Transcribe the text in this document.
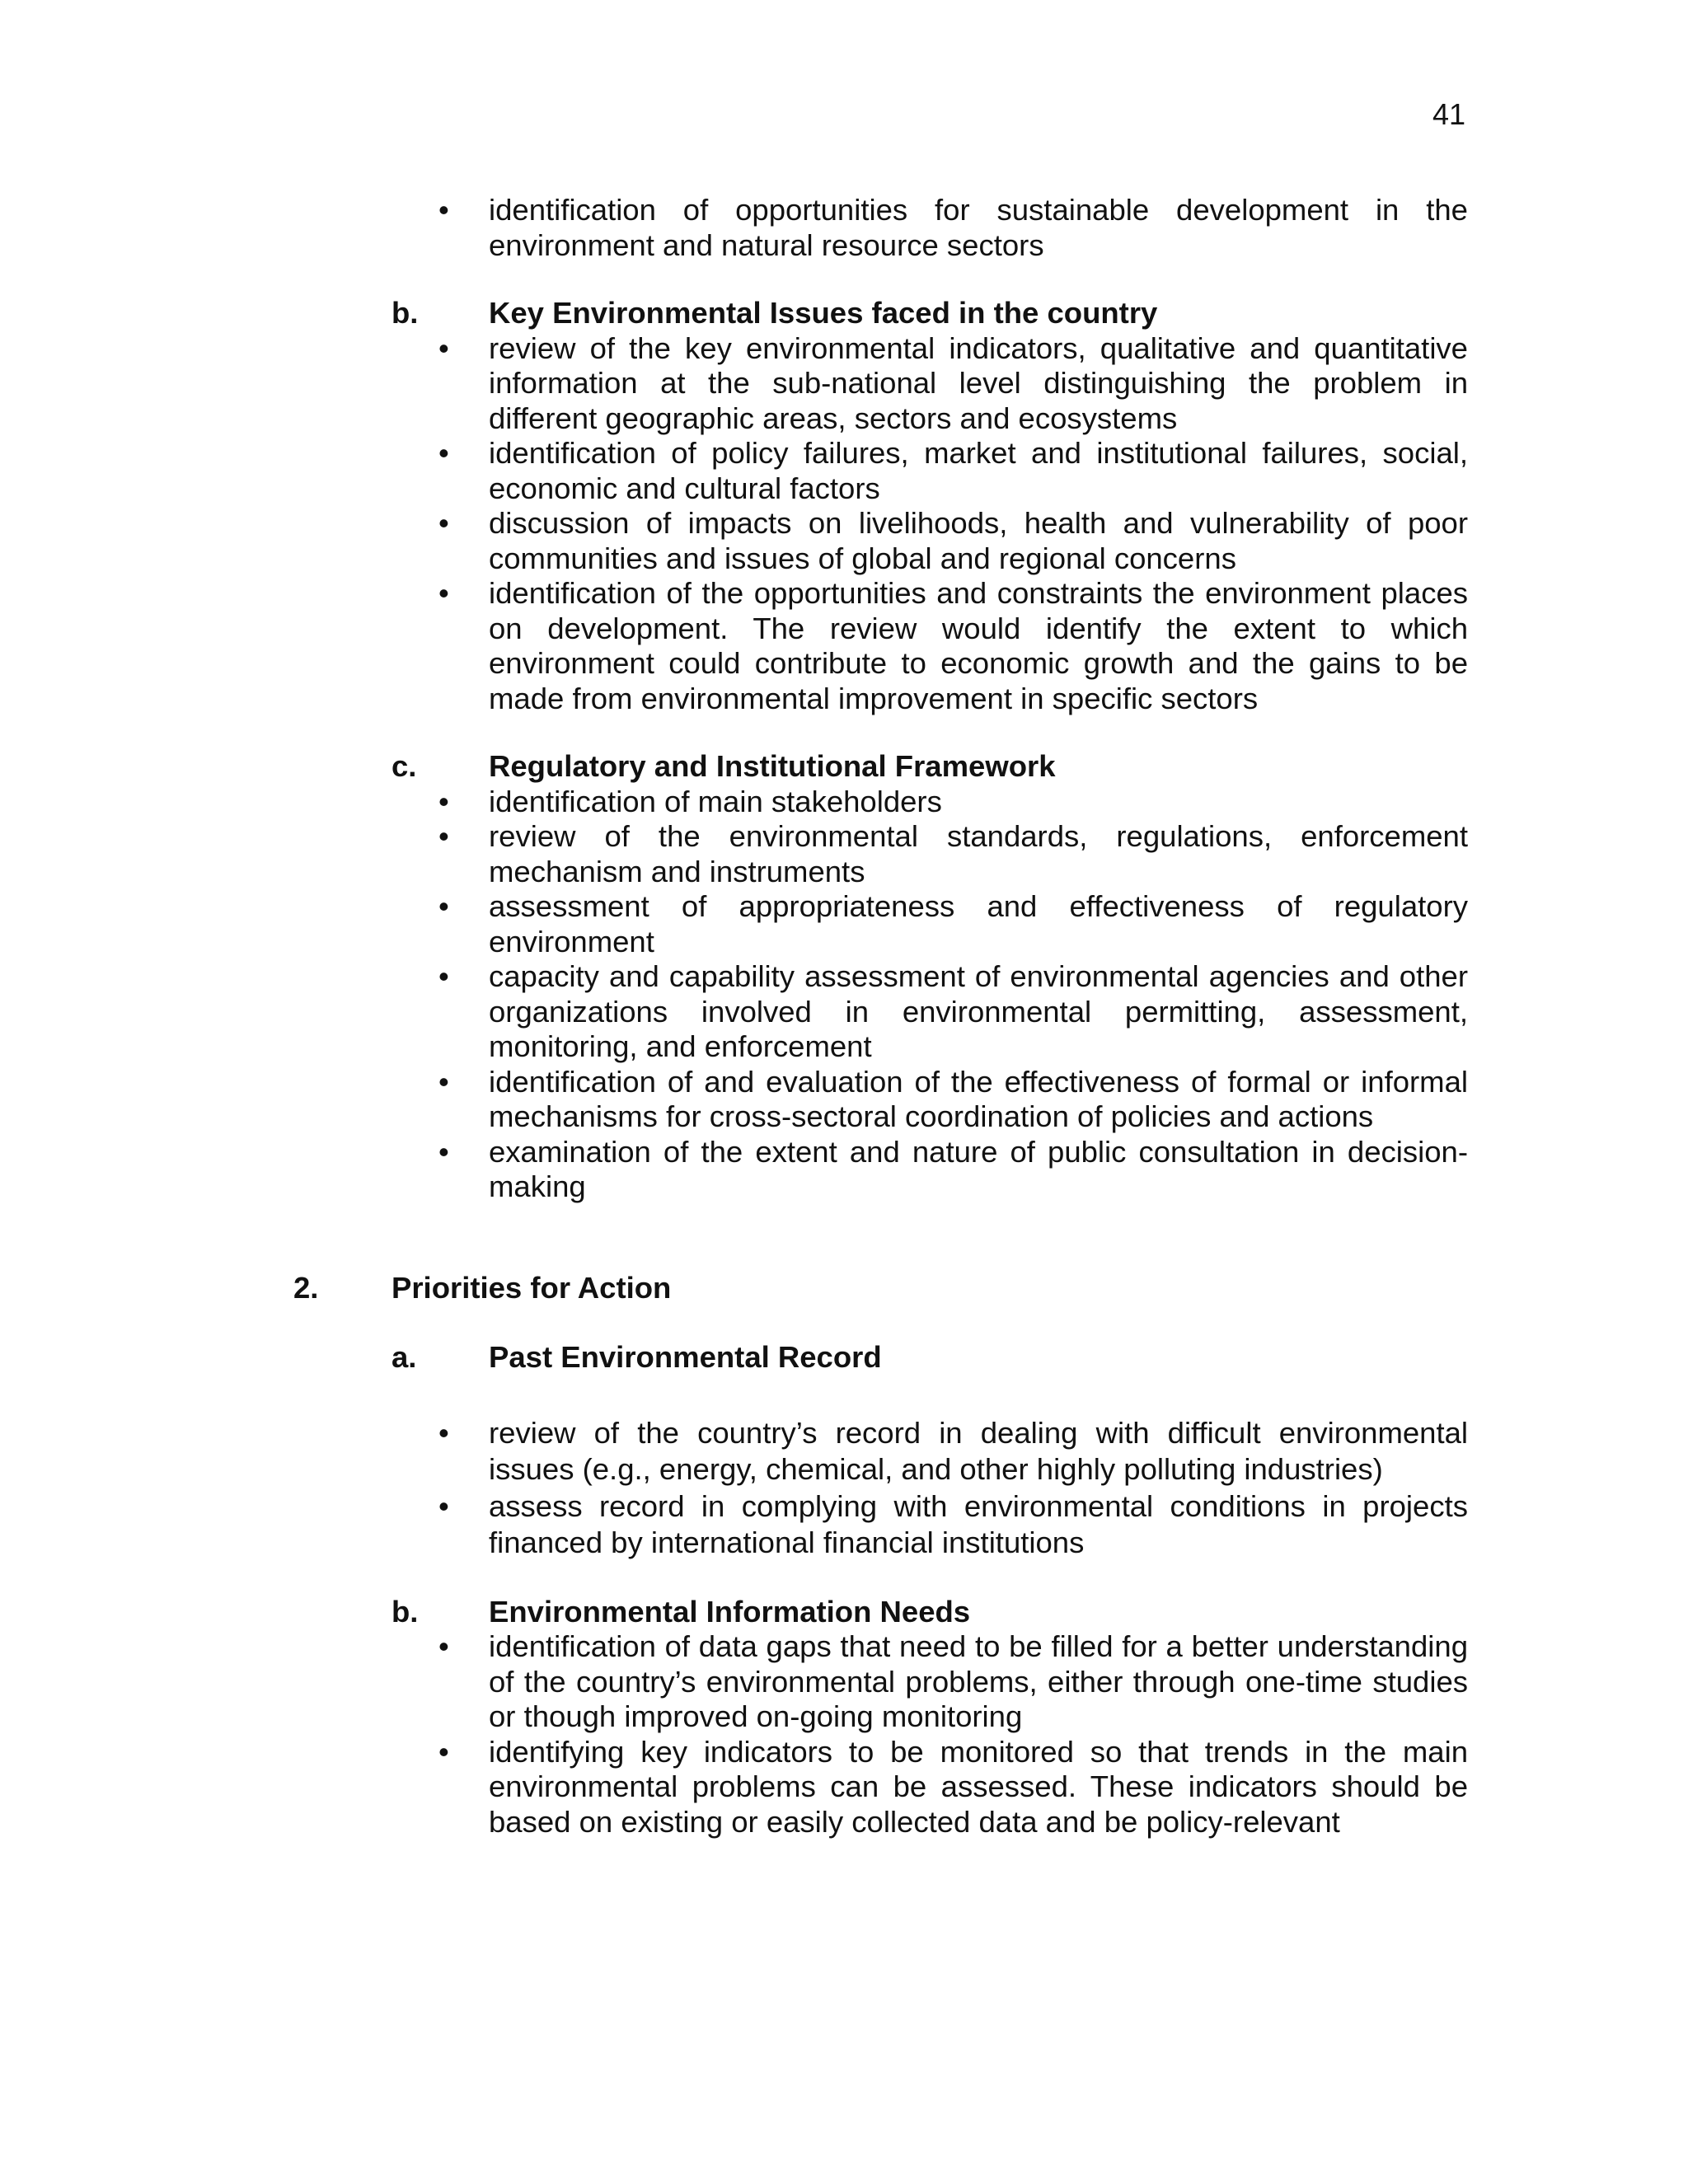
41
• identification of opportunities for sustainable development in the environment and natural resource sectors
b.	Key Environmental Issues faced in the country
• review of the key environmental indicators, qualitative and quantitative information at the sub-national level distinguishing the problem in different geographic areas, sectors and ecosystems
• identification of policy failures, market and institutional failures, social, economic and cultural factors
• discussion of impacts on livelihoods, health and vulnerability of poor communities and issues of global and regional concerns
• identification of the opportunities and constraints the environment places on development. The review would identify the extent to which environment could contribute to economic growth and the gains to be made from environmental improvement in specific sectors
c.	Regulatory and Institutional Framework
• identification of main stakeholders
• review of the environmental standards, regulations, enforcement mechanism and instruments
• assessment of appropriateness and effectiveness of regulatory environment
• capacity and capability assessment of environmental agencies and other organizations involved in environmental permitting, assessment, monitoring, and enforcement
• identification of and evaluation of the effectiveness of formal or informal mechanisms for cross-sectoral coordination of policies and actions
• examination of the extent and nature of public consultation in decision-making
2.	Priorities for Action
a.	Past Environmental Record
• review of the country’s record in dealing with difficult environmental issues (e.g., energy, chemical, and other highly polluting industries)
• assess record in complying with environmental conditions in projects financed by international financial institutions
b.	Environmental Information Needs
• identification of data gaps that need to be filled for a better understanding of the country’s environmental problems, either through one-time studies or though improved on-going monitoring
• identifying key indicators to be monitored so that trends in the main environmental problems can be assessed. These indicators should be based on existing or easily collected data and be policy-relevant
